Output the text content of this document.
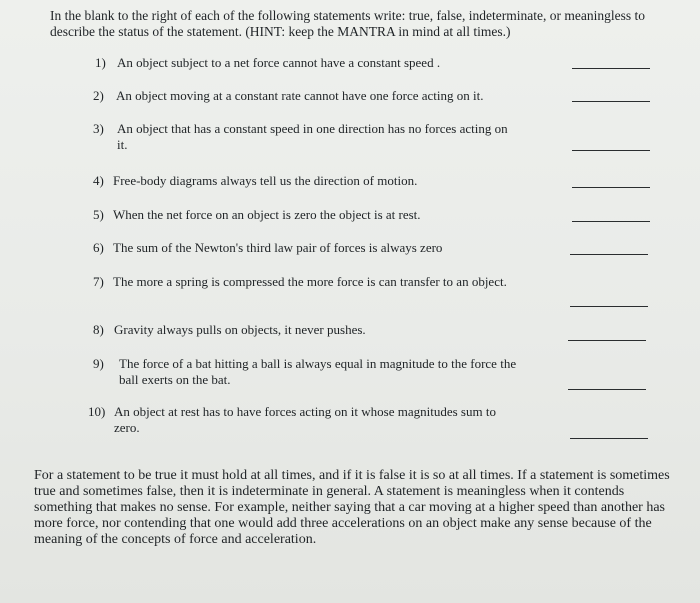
In the blank to the right of each of the following statements write: true, false, indeterminate, or meaningless to describe the status of the statement. (HINT: keep the MANTRA in mind at all times.)

1) An object subject to a net force cannot have a constant speed .
2) An object moving at a constant rate cannot have one force acting on it.
3) An object that has a constant speed in one direction has no forces acting on it.
4) Free-body diagrams always tell us the direction of motion.
5) When the net force on an object is zero the object is at rest.
6) The sum of the Newton's third law pair of forces is always zero
7) The more a spring is compressed the more force is can transfer to an object.
8) Gravity always pulls on objects, it never pushes.
9) The force of a bat hitting a ball is always equal in magnitude to the force the ball exerts on the bat.
10) An object at rest has to have forces acting on it whose magnitudes sum to zero.

For a statement to be true it must hold at all times, and if it is false it is so at all times. If a statement is sometimes true and sometimes false, then it is indeterminate in general. A statement is meaningless when it contends something that makes no sense. For example, neither saying that a car moving at a higher speed than another has more force, nor contending that one would add three accelerations on an object make any sense because of the meaning of the concepts of force and acceleration.
